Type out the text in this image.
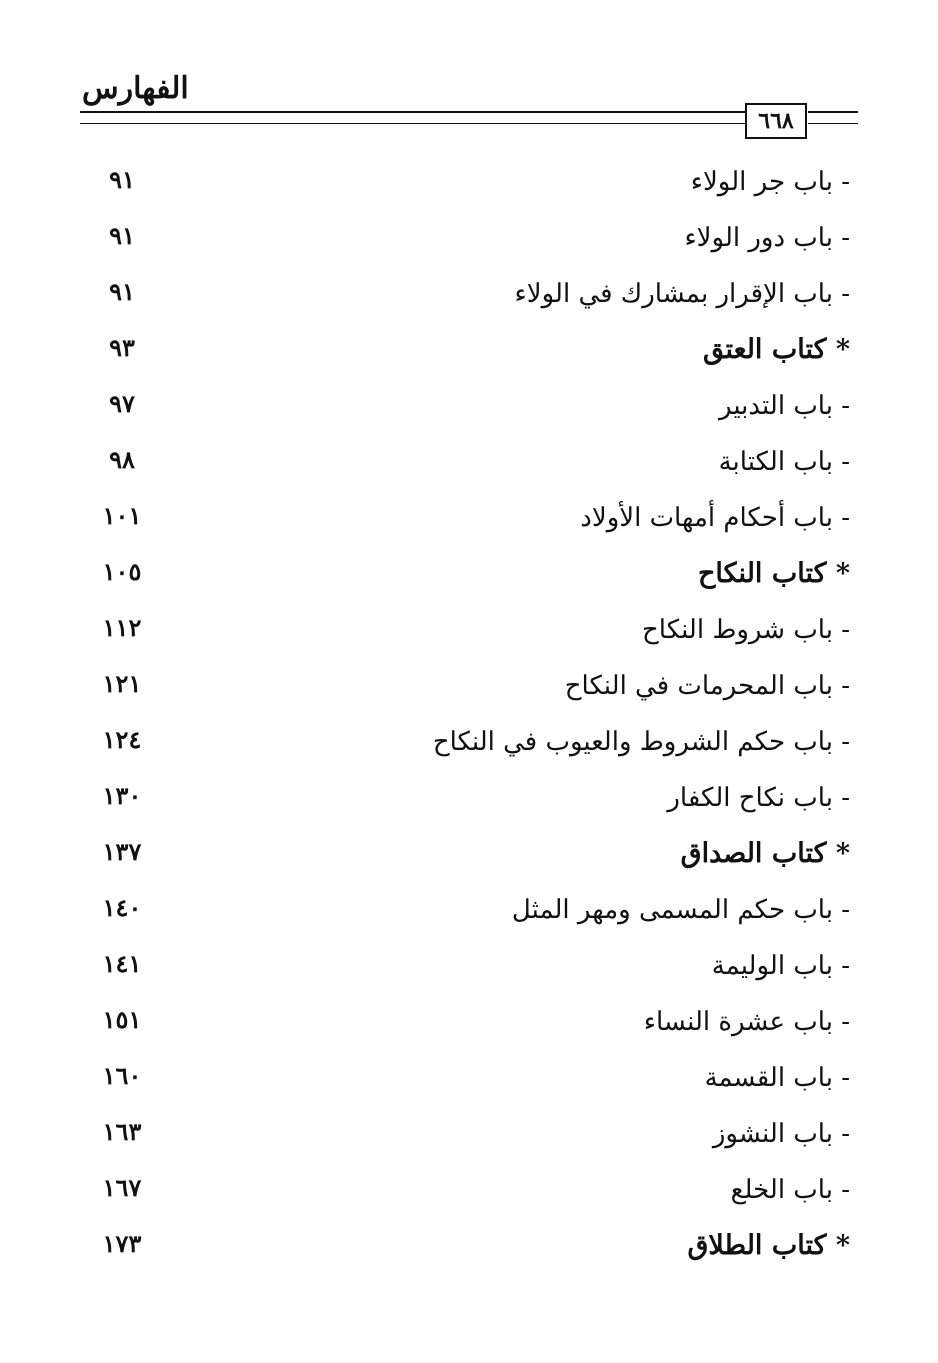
الفهارس
٦٦٨
- باب جر الولاء
٩١
- باب دور الولاء
٩١
- باب الإقرار بمشارك في الولاء
٩١
* كتاب العتق
٩٣
- باب التدبير
٩٧
- باب الكتابة
٩٨
- باب أحكام أمهات الأولاد
١٠١
* كتاب النكاح
١٠٥
- باب شروط النكاح
١١٢
- باب المحرمات في النكاح
١٢١
- باب حكم الشروط والعيوب في النكاح
١٢٤
- باب نكاح الكفار
١٣٠
* كتاب الصداق
١٣٧
- باب حكم المسمى ومهر المثل
١٤٠
- باب الوليمة
١٤١
- باب عشرة النساء
١٥١
- باب القسمة
١٦٠
- باب النشوز
١٦٣
- باب الخلع
١٦٧
* كتاب الطلاق
١٧٣
